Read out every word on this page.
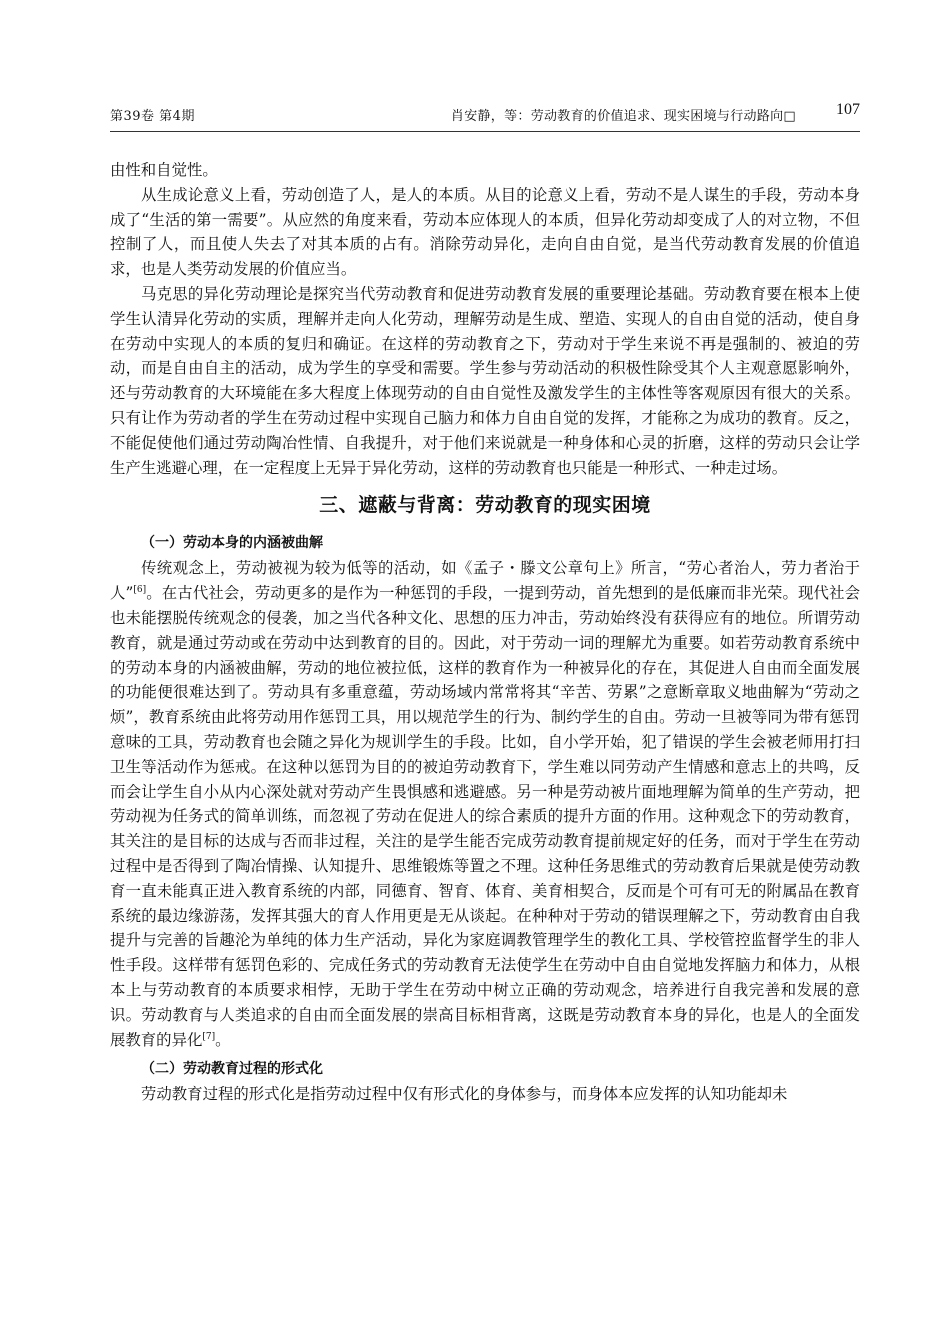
第39卷 第4期	肖安静，等：劳动教育的价值追求、现实困境与行动路向□	107

由性和自觉性。

从生成论意义上看，劳动创造了人，是人的本质。从目的论意义上看，劳动不是人谋生的手段，劳动本身成了“生活的第一需要”。从应然的角度来看，劳动本应体现人的本质，但异化劳动却变成了人的对立物，不但控制了人，而且使人失去了对其本质的占有。消除劳动异化，走向自由自觉，是当代劳动教育发展的价值追求，也是人类劳动发展的价值应当。

马克思的异化劳动理论是探究当代劳动教育和促进劳动教育发展的重要理论基础。劳动教育要在根本上使学生认清异化劳动的实质，理解并走向人化劳动，理解劳动是生成、塑造、实现人的自由自觉的活动，使自身在劳动中实现人的本质的复归和确证。在这样的劳动教育之下，劳动对于学生来说不再是强制的、被迫的劳动，而是自由自主的活动，成为学生的享受和需要。学生参与劳动活动的积极性除受其个人主观意愿影响外，还与劳动教育的大环境能在多大程度上体现劳动的自由自觉性及激发学生的主体性等客观原因有很大的关系。只有让作为劳动者的学生在劳动过程中实现自己脑力和体力自由自觉的发挥，才能称之为成功的教育。反之，不能促使他们通过劳动陶冶性情、自我提升，对于他们来说就是一种身体和心灵的折磨，这样的劳动只会让学生产生逃避心理，在一定程度上无异于异化劳动，这样的劳动教育也只能是一种形式、一种走过场。

三、遮蔽与背离：劳动教育的现实困境
（一）劳动本身的内涵被曲解

传统观念上，劳动被视为较为低等的活动，如《孟子・滕文公章句上》所言，“劳心者治人，劳力者治于人”[6]。在古代社会，劳动更多的是作为一种惩罚的手段，一提到劳动，首先想到的是低廉而非光荣。现代社会也未能摆脱传统观念的侵袭，加之当代各种文化、思想的压力冲击，劳动始终没有获得应有的地位。所谓劳动教育，就是通过劳动或在劳动中达到教育的目的。因此，对于劳动一词的理解尤为重要。如若劳动教育系统中的劳动本身的内涵被曲解，劳动的地位被拉低，这样的教育作为一种被异化的存在，其促进人自由而全面发展的功能便很难达到了。劳动具有多重意蕴，劳动场域内常常将其“辛苦、劳累”之意断章取义地曲解为“劳动之烦”，教育系统由此将劳动用作惩罚工具，用以规范学生的行为、制约学生的自由。劳动一旦被等同为带有惩罚意味的工具，劳动教育也会随之异化为规训学生的手段。比如，自小学开始，犯了错误的学生会被老师用打扫卫生等活动作为惩戒。在这种以惩罚为目的的被迫劳动教育下，学生难以同劳动产生情感和意志上的共鸣，反而会让学生自小从内心深处就对劳动产生畏惧感和逃避感。另一种是劳动被片面地理解为简单的生产劳动，把劳动视为任务式的简单训练，而忽视了劳动在促进人的综合素质的提升方面的作用。这种观念下的劳动教育，其关注的是目标的达成与否而非过程，关注的是学生能否完成劳动教育提前规定好的任务，而对于学生在劳动过程中是否得到了陶冶情操、认知提升、思维锻炼等置之不理。这种任务思维式的劳动教育后果就是使劳动教育一直未能真正进入教育系统的内部，同德育、智育、体育、美育相契合，反而是个可有可无的附属品在教育系统的最边缘游荡，发挥其强大的育人作用更是无从谈起。在种种对于劳动的错误理解之下，劳动教育由自我提升与完善的旨趣沦为单纯的体力生产活动，异化为家庭调教管理学生的教化工具、学校管控监督学生的非人性手段。这样带有惩罚色彩的、完成任务式的劳动教育无法使学生在劳动中自由自觉地发挥脑力和体力，从根本上与劳动教育的本质要求相悖，无助于学生在劳动中树立正确的劳动观念，培养进行自我完善和发展的意识。劳动教育与人类追求的自由而全面发展的崇高目标相背离，这既是劳动教育本身的异化，也是人的全面发展教育的异化[7]。

（二）劳动教育过程的形式化

劳动教育过程的形式化是指劳动过程中仅有形式化的身体参与，而身体本应发挥的认知功能却未
